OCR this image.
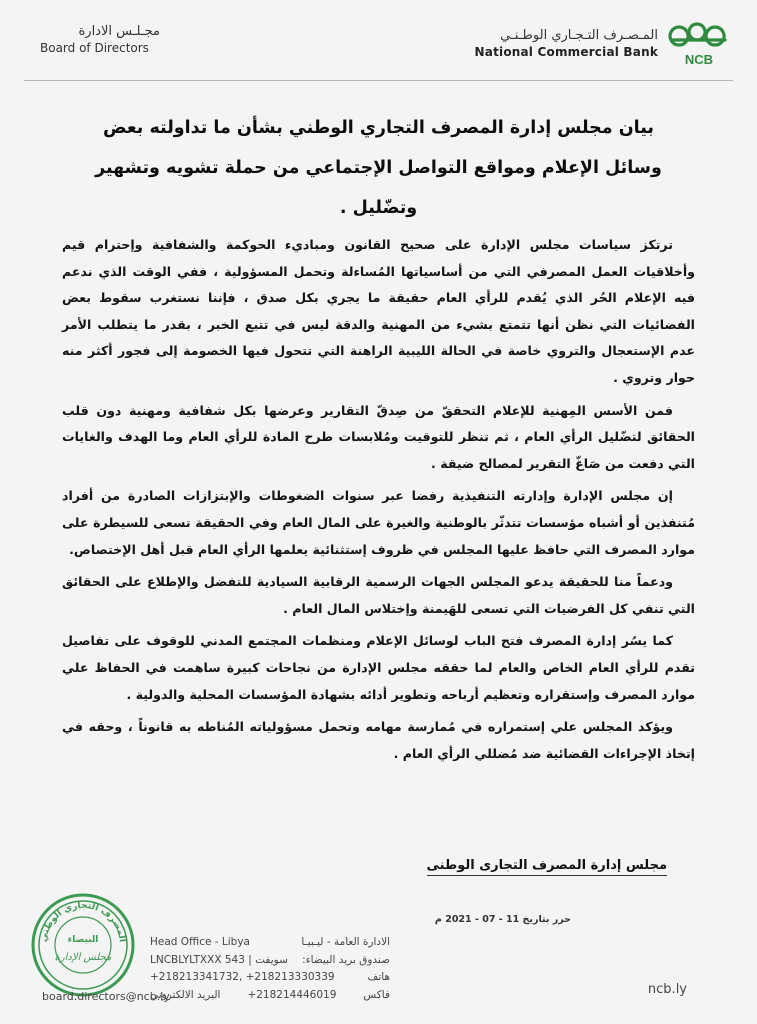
مجـلـس الادارة
Board of Directors
المـصـرف التـجـاري الوطـنـي
National Commercial Bank NCB
بيان مجلس إدارة المصرف التجاري الوطني بشأن ما تداولته بعض وسائل الإعلام ومواقع التواصل الإجتماعي من حملة تشويه وتشهير وتضّليل .

ترتكز سياسات مجلس الإدارة على صحيح القانون ومباديء الحوكمة والشفافية وإحترام قيم وأخلاقيات العمل المصرفي التي من أساسياتها المُساءلة وتحمل المسؤولية ، ففي الوقت الذي ندعم فيه الإعلام الحُر الذي يُقدم للرأي العام حقيقة ما يجري بكل صدق ، فإننا نستغرب سقوط بعض الفضائيات التي نظن أنها تتمتع بشيء من المهنية والدقة ليس في تتبع الخبر ، بقدر ما يتطلب الأمر عدم الإستعجال والتروي خاصة في الحالة الليبية الراهنة التي تتحول فيها الخصومة إلى فجور أكثر منه حوار وتروي .

فمن الأسس المِهنية للإعلام التحققّ من صِدقّ التقارير وعرضها بكل شفافية ومهنية دون قلب الحقائق لتضّليل الرأي العام ، ثم تنظر للتوقيت ومُلابسات طرح المادة للرأي العام وما الهدف والغايات التي دفعت من صَاغّ التقرير لمصالح ضيقة .

إن مجلس الإدارة وإدارته التنفيذية رفضا عبر سنوات الضغوطات والإبتزازات الصادرة من أفراد مُتنفذين أو أشباه مؤسسات تتدثّر بالوطنية والغيرة على المال العام وفي الحقيقة تسعى للسيطرة على موارد المصرف التي حافظ عليها المجلس في ظروف إستثنائية يعلمها الرأي العام قبل أهل الإختصاص.

ودعماً منا للحقيقة يدعو المجلس الجهات الرسمية الرقابية السيادية للتفضل والإطلاع على الحقائق التي تنفي كل الفرضيات التي تسعى للهَيمنة وإختلاس المال العام .

كما يسُر إدارة المصرف فتح الباب لوسائل الإعلام ومنظمات المجتمع المدني للوقوف على تفاصيل تقدم للرأي العام الخاص والعام لما حققه مجلس الإدارة من نجاحات كبيرة ساهمت في الحفاظ علي موارد المصرف وإستقراره وتعظيم أرباحه وتطوير أدائه بشهادة المؤسسات المحلية والدولية .

ويؤكد المجلس علي إستمراره في مُمارسة مهامه وتحمل مسؤولياته المُناطه به قانوناً ، وحقه في إتخاذ الإجراءات القضائية ضد مُضللي الرأي العام .

مجلس إدارة المصرف التجارى الوطنى
حرر بتاريخ 11 - 07 - 2021 م
المصرف التجاري الوطني
البيضاء
مجلس الإدارة
Head Office - Libya	الادارة العامة - ليـبيـا
LNCBLYLTXXX سويفت | 543 صندوق بريد البيضاء:
+218213341732, +218213330339	هاتف
البريد الالكتروني	+218214446019	فاكس
board.directors@ncb.ly	ncb.ly
